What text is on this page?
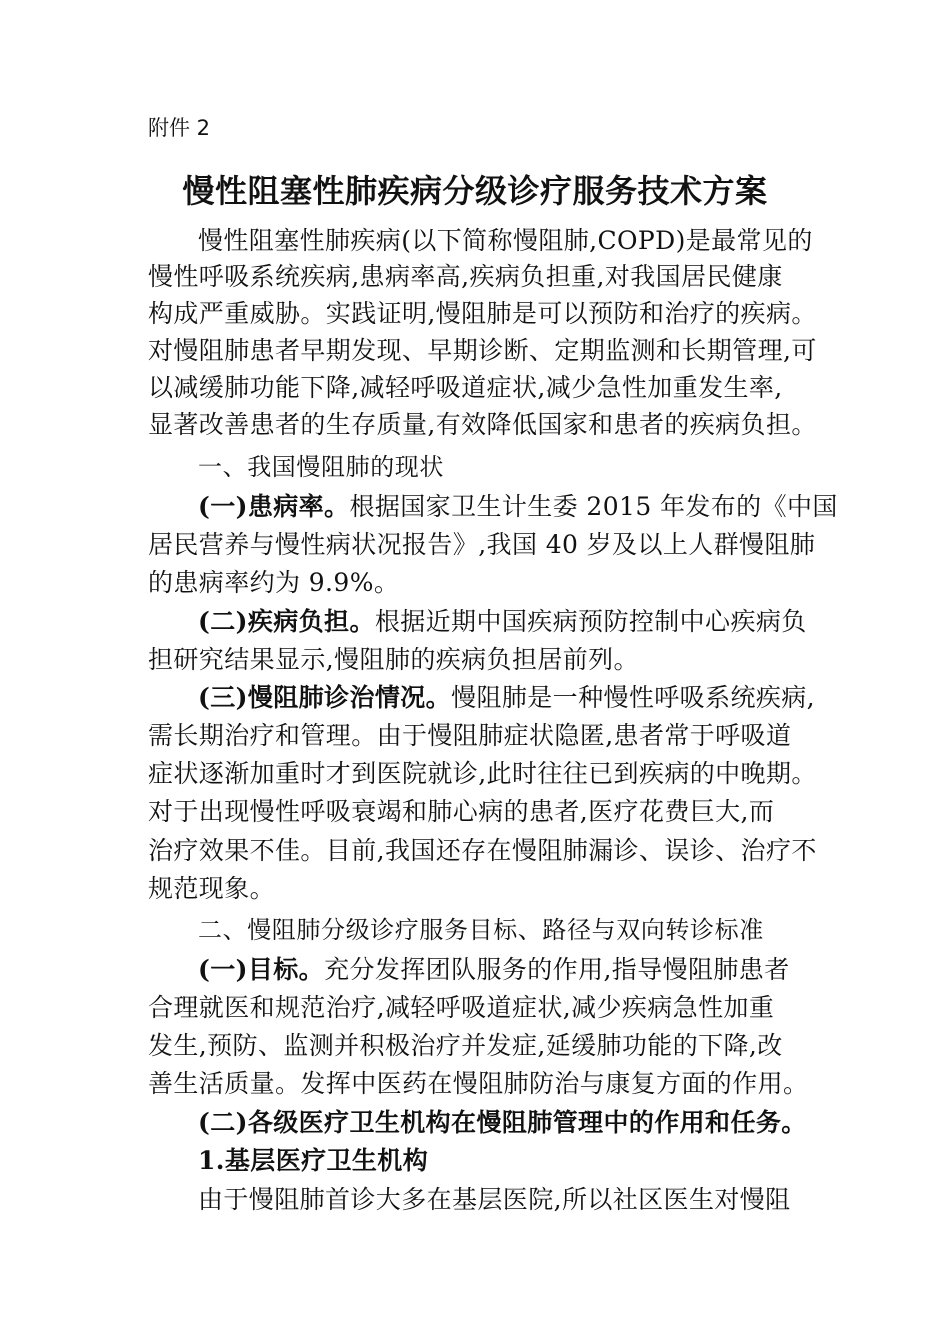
附件 2
慢性阻塞性肺疾病分级诊疗服务技术方案
慢性阻塞性肺疾病(以下简称慢阻肺,COPD)是最常见的
慢性呼吸系统疾病,患病率高,疾病负担重,对我国居民健康
构成严重威胁。实践证明,慢阻肺是可以预防和治疗的疾病。
对慢阻肺患者早期发现、早期诊断、定期监测和长期管理,可
以减缓肺功能下降,减轻呼吸道症状,减少急性加重发生率,
显著改善患者的生存质量,有效降低国家和患者的疾病负担。
一、我国慢阻肺的现状
(一)患病率。根据国家卫生计生委 2015 年发布的《中国
居民营养与慢性病状况报告》,我国 40 岁及以上人群慢阻肺
的患病率约为 9.9%。
(二)疾病负担。根据近期中国疾病预防控制中心疾病负
担研究结果显示,慢阻肺的疾病负担居前列。
(三)慢阻肺诊治情况。慢阻肺是一种慢性呼吸系统疾病,
需长期治疗和管理。由于慢阻肺症状隐匿,患者常于呼吸道
症状逐渐加重时才到医院就诊,此时往往已到疾病的中晚期。
对于出现慢性呼吸衰竭和肺心病的患者,医疗花费巨大,而
治疗效果不佳。目前,我国还存在慢阻肺漏诊、误诊、治疗不
规范现象。
二、慢阻肺分级诊疗服务目标、路径与双向转诊标准
(一)目标。充分发挥团队服务的作用,指导慢阻肺患者
合理就医和规范治疗,减轻呼吸道症状,减少疾病急性加重
发生,预防、监测并积极治疗并发症,延缓肺功能的下降,改
善生活质量。发挥中医药在慢阻肺防治与康复方面的作用。
(二)各级医疗卫生机构在慢阻肺管理中的作用和任务。
1.基层医疗卫生机构
由于慢阻肺首诊大多在基层医院,所以社区医生对慢阻
